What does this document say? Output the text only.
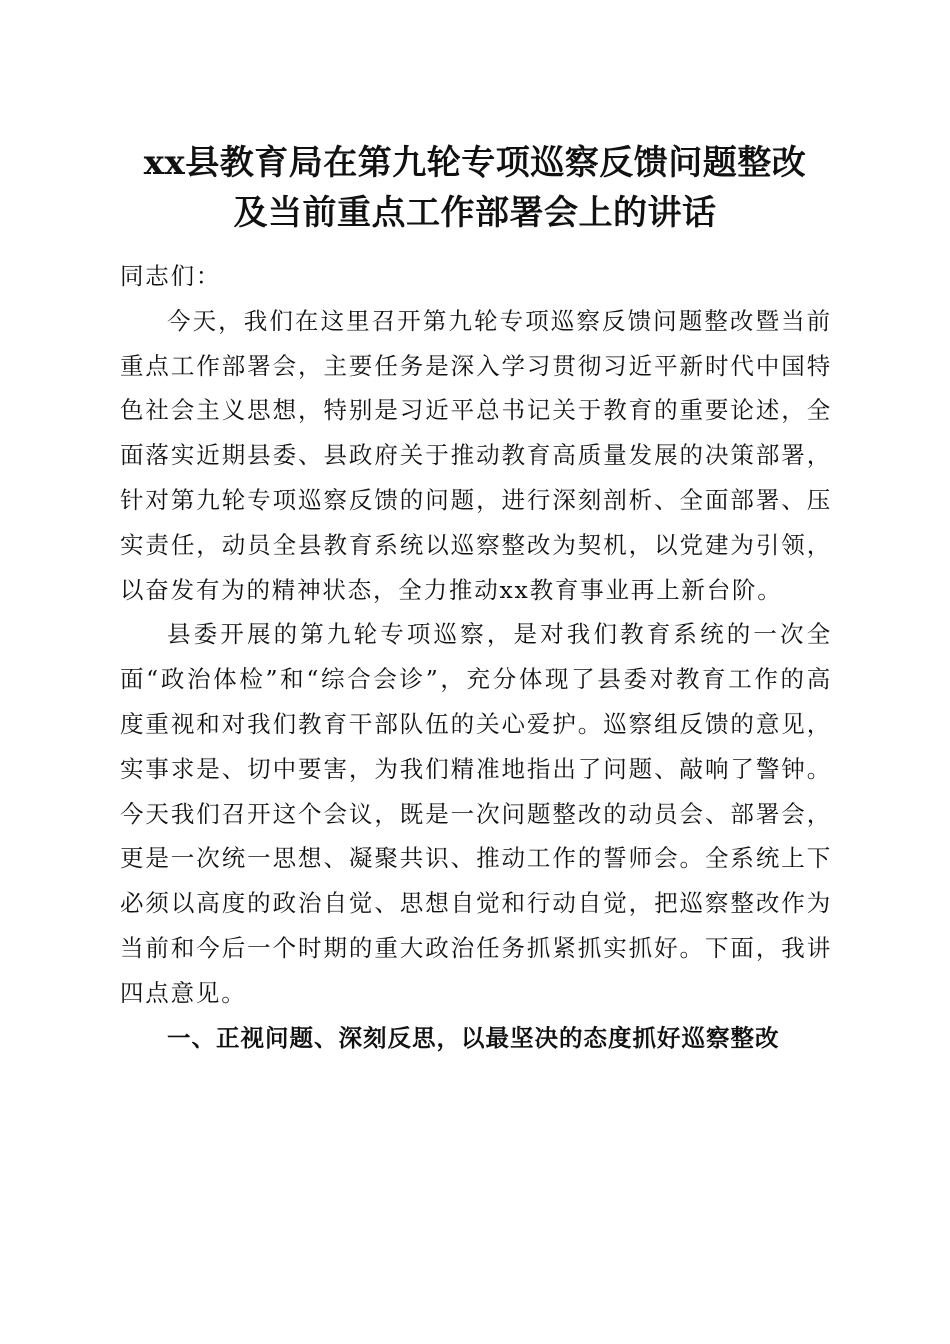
xx县教育局在第九轮专项巡察反馈问题整改
及当前重点工作部署会上的讲话

同志们：

今天，我们在这里召开第九轮专项巡察反馈问题整改暨当前重点工作部署会，主要任务是深入学习贯彻习近平新时代中国特色社会主义思想，特别是习近平总书记关于教育的重要论述，全面落实近期县委、县政府关于推动教育高质量发展的决策部署，针对第九轮专项巡察反馈的问题，进行深刻剖析、全面部署、压实责任，动员全县教育系统以巡察整改为契机，以党建为引领，以奋发有为的精神状态，全力推动xx教育事业再上新台阶。

县委开展的第九轮专项巡察，是对我们教育系统的一次全面“政治体检”和“综合会诊”，充分体现了县委对教育工作的高度重视和对我们教育干部队伍的关心爱护。巡察组反馈的意见，实事求是、切中要害，为我们精准地指出了问题、敲响了警钟。今天我们召开这个会议，既是一次问题整改的动员会、部署会，更是一次统一思想、凝聚共识、推动工作的誓师会。全系统上下必须以高度的政治自觉、思想自觉和行动自觉，把巡察整改作为当前和今后一个时期的重大政治任务抓紧抓实抓好。下面，我讲四点意见。

一、正视问题、深刻反思，以最坚决的态度抓好巡察整改
